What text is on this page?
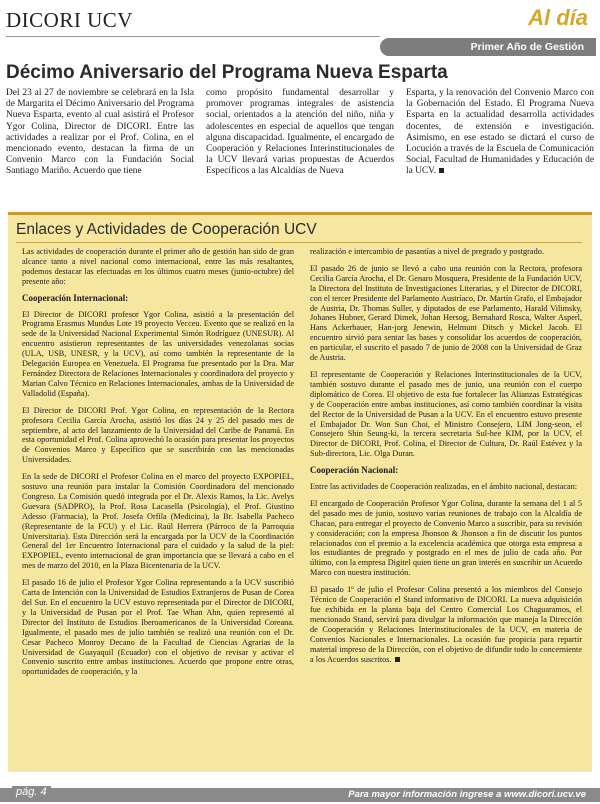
DICORI UCV	Al día
Primer Año de Gestión
Décimo Aniversario del Programa Nueva Esparta
Del 23 al 27 de noviembre se celebrará en la Isla de Margarita el Décimo Aniversario del Programa Nueva Esparta, evento al cual asistirá el Profesor Ygor Colina, Director de DICORI. Entre las actividades a realizar por el Prof. Colina, en el mencionado evento, destacan la firma de un Convenio Marco con la Fundación Social Santiago Mariño. Acuerdo que tiene
como propósito fundamental desarrollar y promover programas integrales de asistencia social, orientados a la atención del niño, niña y adolescentes en especial de aquellos que tengan alguna discapacidad. Igualmente, el encargado de Cooperación y Relaciones Interinstitucionales de la UCV llevará varias propuestas de Acuerdos Específicos a las Alcaldías de Nueva
Esparta, y la renovación del Convenio Marco con la Gobernación del Estado. El Programa Nueva Esparta en la actualidad desarrolla actividades docentes, de extensión e investigación. Asimismo, en ese estado se dictará el curso de Locución a través de la Escuela de Comunicación Social, Facultad de Humanidades y Educación de la UCV.
Enlaces y Actividades de Cooperación UCV

Las actividades de cooperación durante el primer año de gestión han sido de gran alcance tanto a nivel nacional como internacional, entre las más resaltantes, podemos destacar las efectuadas en los últimos cuatro meses (junio-octubre) del presente año:

Cooperación Internacional:

El Director de DICORI profesor Ygor Colina, asistió a la presentación del Programa Erasmus Mundus Lote 19 proyecto Vecceu. Evento que se realizó en la sede de la Universidad Nacional Experimental Simón Rodríguez (UNESUR). Al encuentro asistieron representantes de las universidades venezolanas socias (ULA, USB, UNESR, y la UCV), así como también la representante de la Delegación Europea en Venezuela. El Programa fue presentado por la Dra. Mar Fernández Directora de Relaciones Internacionales y coordinadora del proyecto y Marian Calvo Técnico en Relaciones Internacionales, ambas de la Universidad de Valladolid (España).

El Director de DICORI Prof. Ygor Colina, en representación de la Rectora profesora Cecilia García Arocha, asistió los días 24 y 25 del pasado mes de septiembre, al acto del lanzamiento de la Universidad del Caribe de Panamá. En esta oportunidad el Prof. Colina aprovechó la ocasión para presentar los proyectos de Convenios Marco y Específico que se suscribirán con las mencionadas Universidades.

En la sede de DICORI el Profesor Colina en el marco del proyecto EXPOPIEL, sostuvo una reunión para instalar la Comisión Coordinadora del mencionado Congreso. La Comisión quedó integrada por el Dr. Alexis Ramos, la Lic. Avelys Guevara (SADPRO), la Prof. Rosa Lacasella (Psicología), el Prof. Giustino Adesso (Farmacia), la Prof. Josefa Orfila (Medicina), la Br. Isabella Pacheco (Representante de la FCU) y el Lic. Raúl Herrera (Párroco de la Parroquia Universitaria). Esta Dirección será la encargada por la UCV de la Coordinación General del 1er Encuentro Internacional para el cuidado y la salud de la piel: EXPOPIEL, evento internacional de gran importancia que se llevará a cabo en el mes de marzo del 2010, en la Plaza Bicentenaria de la UCV.

El pasado 16 de julio el Profesor Ygor Colina representando a la UCV suscribió Carta de Intención con la Universidad de Estudios Extranjeros de Pusan de Corea del Sur. En el encuentro la UCV estuvo representada por el Director de DICORI, y la Universidad de Pusan por el Prof. Tae Whan Ahn, quien representó al Director del Instituto de Estudios Iberoamericanos de la Universidad Coreana. Igualmente, el pasado mes de julio también se realizó una reunión con el Dr. Cesar Pacheco Monroy Decano de la Facultad de Ciencias Agrarias de la Universidad de Guayaquil (Ecuador) con el objetivo de revisar y activar el Convenio suscrito entre ambas instituciones. Acuerdo que propone entre otras, oportunidades de cooperación, y la

realización e intercambio de pasantías a nivel de pregrado y postgrado.

El pasado 26 de junio se llevó a cabo una reunión con la Rectora, profesora Cecilia García Arocha, el Dr. Genaro Mosquera, Presidente de la Fundación UCV, la Directora del Instituto de Investigaciones Literarias, y el Director de DICORI, con el tercer Presidente del Parlamento Austríaco, Dr. Martín Grafo, el Embajador de Austria, Dr. Thomas Suller, y diputados de ese Parlamento, Harald Vilimsky, Johanes Hubner, Gerard Dimek, Johan Hersog, Bernahard Rosca, Walter Asperl, Hans Ackerbauer, Han-jorg Jenewin, Helmunt Ditsch y Mickel Jacob. El encuentro sirvió para sentar las bases y consolidar los acuerdos de cooperación, en particular, el suscrito el pasado 7 de junio de 2008 con la Universidad de Graz de Austria.

El representante de Cooperación y Relaciones Interinstitucionales de la UCV, también sostuvo durante el pasado mes de junio, una reunión con el cuerpo diplomático de Corea. El objetivo de esta fue fortalecer las Alianzas Estratégicas y de Cooperación entre ambas instituciones, así como también coordinar la visita del Rector de la Universidad de Pusan a la UCV. En el encuentro estuvo presente el Embajador Dr. Won Sun Choi, el Ministro Consejero, LIM Jong-seon, el Consejero Shin Seung-ki, la tercera secretaria Sul-hee KIM, por la UCV, el Director de DICORI, Prof. Colina, el Director de Cultura, Dr. Raúl Estévez y la Sub-directora, Lic. Olga Duran.

Cooperación Nacional:

Entre las actividades de Cooperación realizadas, en el ámbito nacional, destacan:

El encargado de Cooperación Profesor Ygor Colina, durante la semana del 1 al 5 del pasado mes de junio, sostuvo varias reuniones de trabajo con la Alcaldía de Chacao, para entregar el proyecto de Convenio Marco a suscribir, para su revisión y consideración; con la empresa Jhonson & Jhonson a fin de discutir los puntos relacionados con el premio a la excelencia académica que otorga esta empresa a los estudiantes de pregrado y postgrado en el mes de julio de cada año. Por último, con la empresa Digitel quien tiene un gran interés en suscribir un Acuerdo Marco con nuestra institución.

El pasado 1º de julio el Profesor Colina presentó a los miembros del Consejo Técnico de Cooperación el Stand informativo de DICORI. La nueva adquisición fue exhibida en la planta baja del Centro Comercial Los Chaguaramos, el mencionado Stand, servirá para divulgar la información que maneja la Dirección de Cooperación y Relaciones Interinstitucionales de la UCV, en materia de Convenios Nacionales e Internacionales. La ocasión fue propicia para repartir material impreso de la Dirección, con el objetivo de difundir todo lo concerniente a los Acuerdos suscritos.

pág. 4	Para mayor información ingrese a www.dicori.ucv.ve
